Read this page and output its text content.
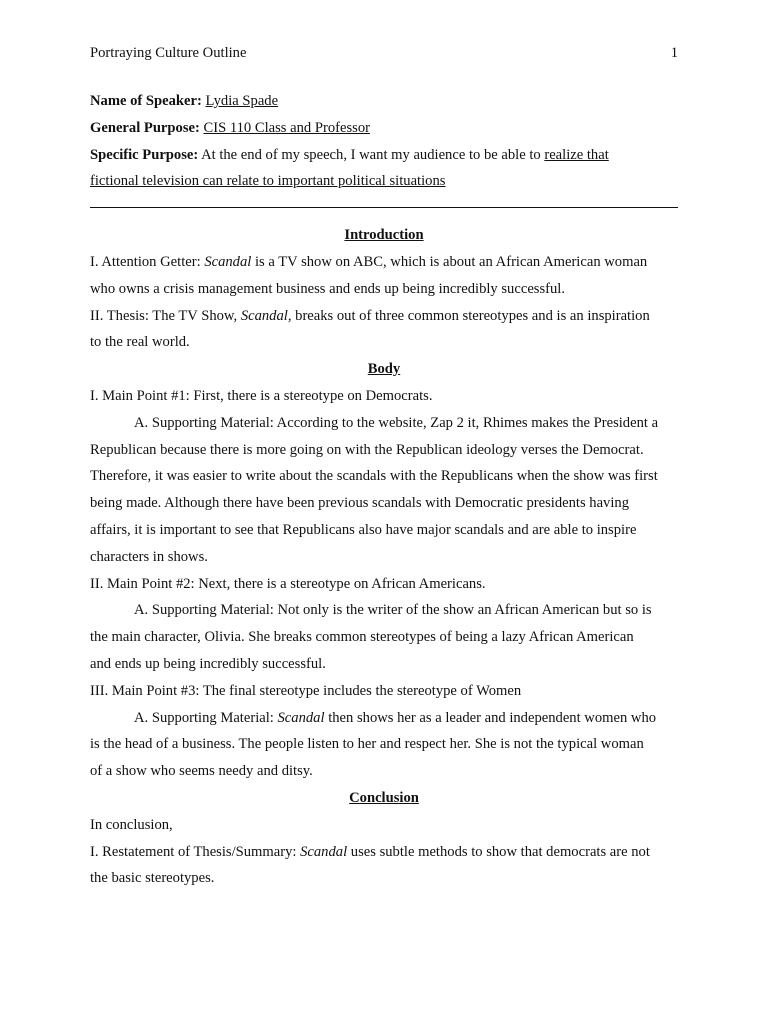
Portraying Culture Outline	1
Name of Speaker: Lydia Spade
General Purpose: CIS 110 Class and Professor
Specific Purpose: At the end of my speech, I want my audience to be able to realize that
fictional television can relate to important political situations
Introduction
I. Attention Getter: Scandal is a TV show on ABC, which is about an African American woman
who owns a crisis management business and ends up being incredibly successful.
II. Thesis: The TV Show, Scandal, breaks out of three common stereotypes and is an inspiration
to the real world.
Body
I. Main Point #1: First, there is a stereotype on Democrats.
A. Supporting Material: According to the website, Zap 2 it, Rhimes makes the President a
Republican because there is more going on with the Republican ideology verses the Democrat.
Therefore, it was easier to write about the scandals with the Republicans when the show was first
being made. Although there have been previous scandals with Democratic presidents having
affairs, it is important to see that Republicans also have major scandals and are able to inspire
characters in shows.
II. Main Point #2: Next, there is a stereotype on African Americans.
A. Supporting Material: Not only is the writer of the show an African American but so is
the main character, Olivia. She breaks common stereotypes of being a lazy African American
and ends up being incredibly successful.
III. Main Point #3: The final stereotype includes the stereotype of Women
A. Supporting Material: Scandal then shows her as a leader and independent women who
is the head of a business. The people listen to her and respect her. She is not the typical woman
of a show who seems needy and ditsy.
Conclusion
In conclusion,
I. Restatement of Thesis/Summary: Scandal uses subtle methods to show that democrats are not
the basic stereotypes.
